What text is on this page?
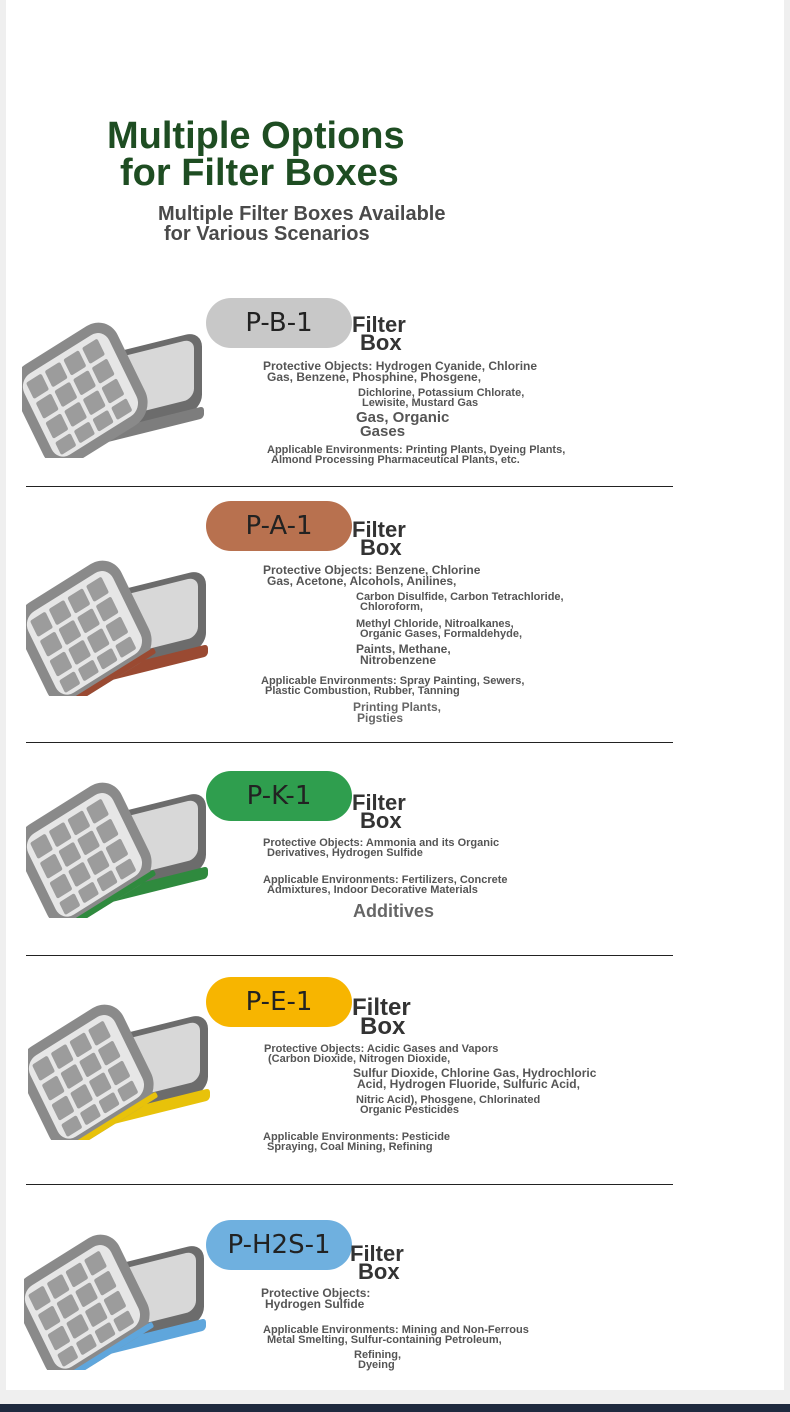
Multiple Options
for Filter Boxes
Multiple Filter Boxes Available
for Various Scenarios
P-B-1	Filter
Box
Protective Objects: Hydrogen Cyanide, Chlorine
Gas, Benzene, Phosphine, Phosgene,
Dichlorine, Potassium Chlorate,
Lewisite, Mustard Gas
Gas, Organic
Gases
Applicable Environments: Printing Plants, Dyeing Plants,
Almond Processing Pharmaceutical Plants, etc.
P-A-1	Filter
Box
Protective Objects: Benzene, Chlorine
Gas, Acetone, Alcohols, Anilines,
Carbon Disulfide, Carbon Tetrachloride,
Chloroform,
Methyl Chloride, Nitroalkanes,
Organic Gases, Formaldehyde,
Paints, Methane,
Nitrobenzene
Applicable Environments: Spray Painting, Sewers,
Plastic Combustion, Rubber, Tanning
Printing Plants,
Pigsties
P-K-1	Filter
Box
Protective Objects: Ammonia and its Organic
Derivatives, Hydrogen Sulfide
Applicable Environments: Fertilizers, Concrete
Admixtures, Indoor Decorative Materials
Additives
P-E-1	Filter
Box
Protective Objects: Acidic Gases and Vapors
(Carbon Dioxide, Nitrogen Dioxide,
Sulfur Dioxide, Chlorine Gas, Hydrochloric
Acid, Hydrogen Fluoride, Sulfuric Acid,
Nitric Acid), Phosgene, Chlorinated
Organic Pesticides
Applicable Environments: Pesticide
Spraying, Coal Mining, Refining
P-H2S-1 Filter
Box
Protective Objects:
Hydrogen Sulfide
Applicable Environments: Mining and Non-Ferrous
Metal Smelting, Sulfur-containing Petroleum,
Refining,
Dyeing
